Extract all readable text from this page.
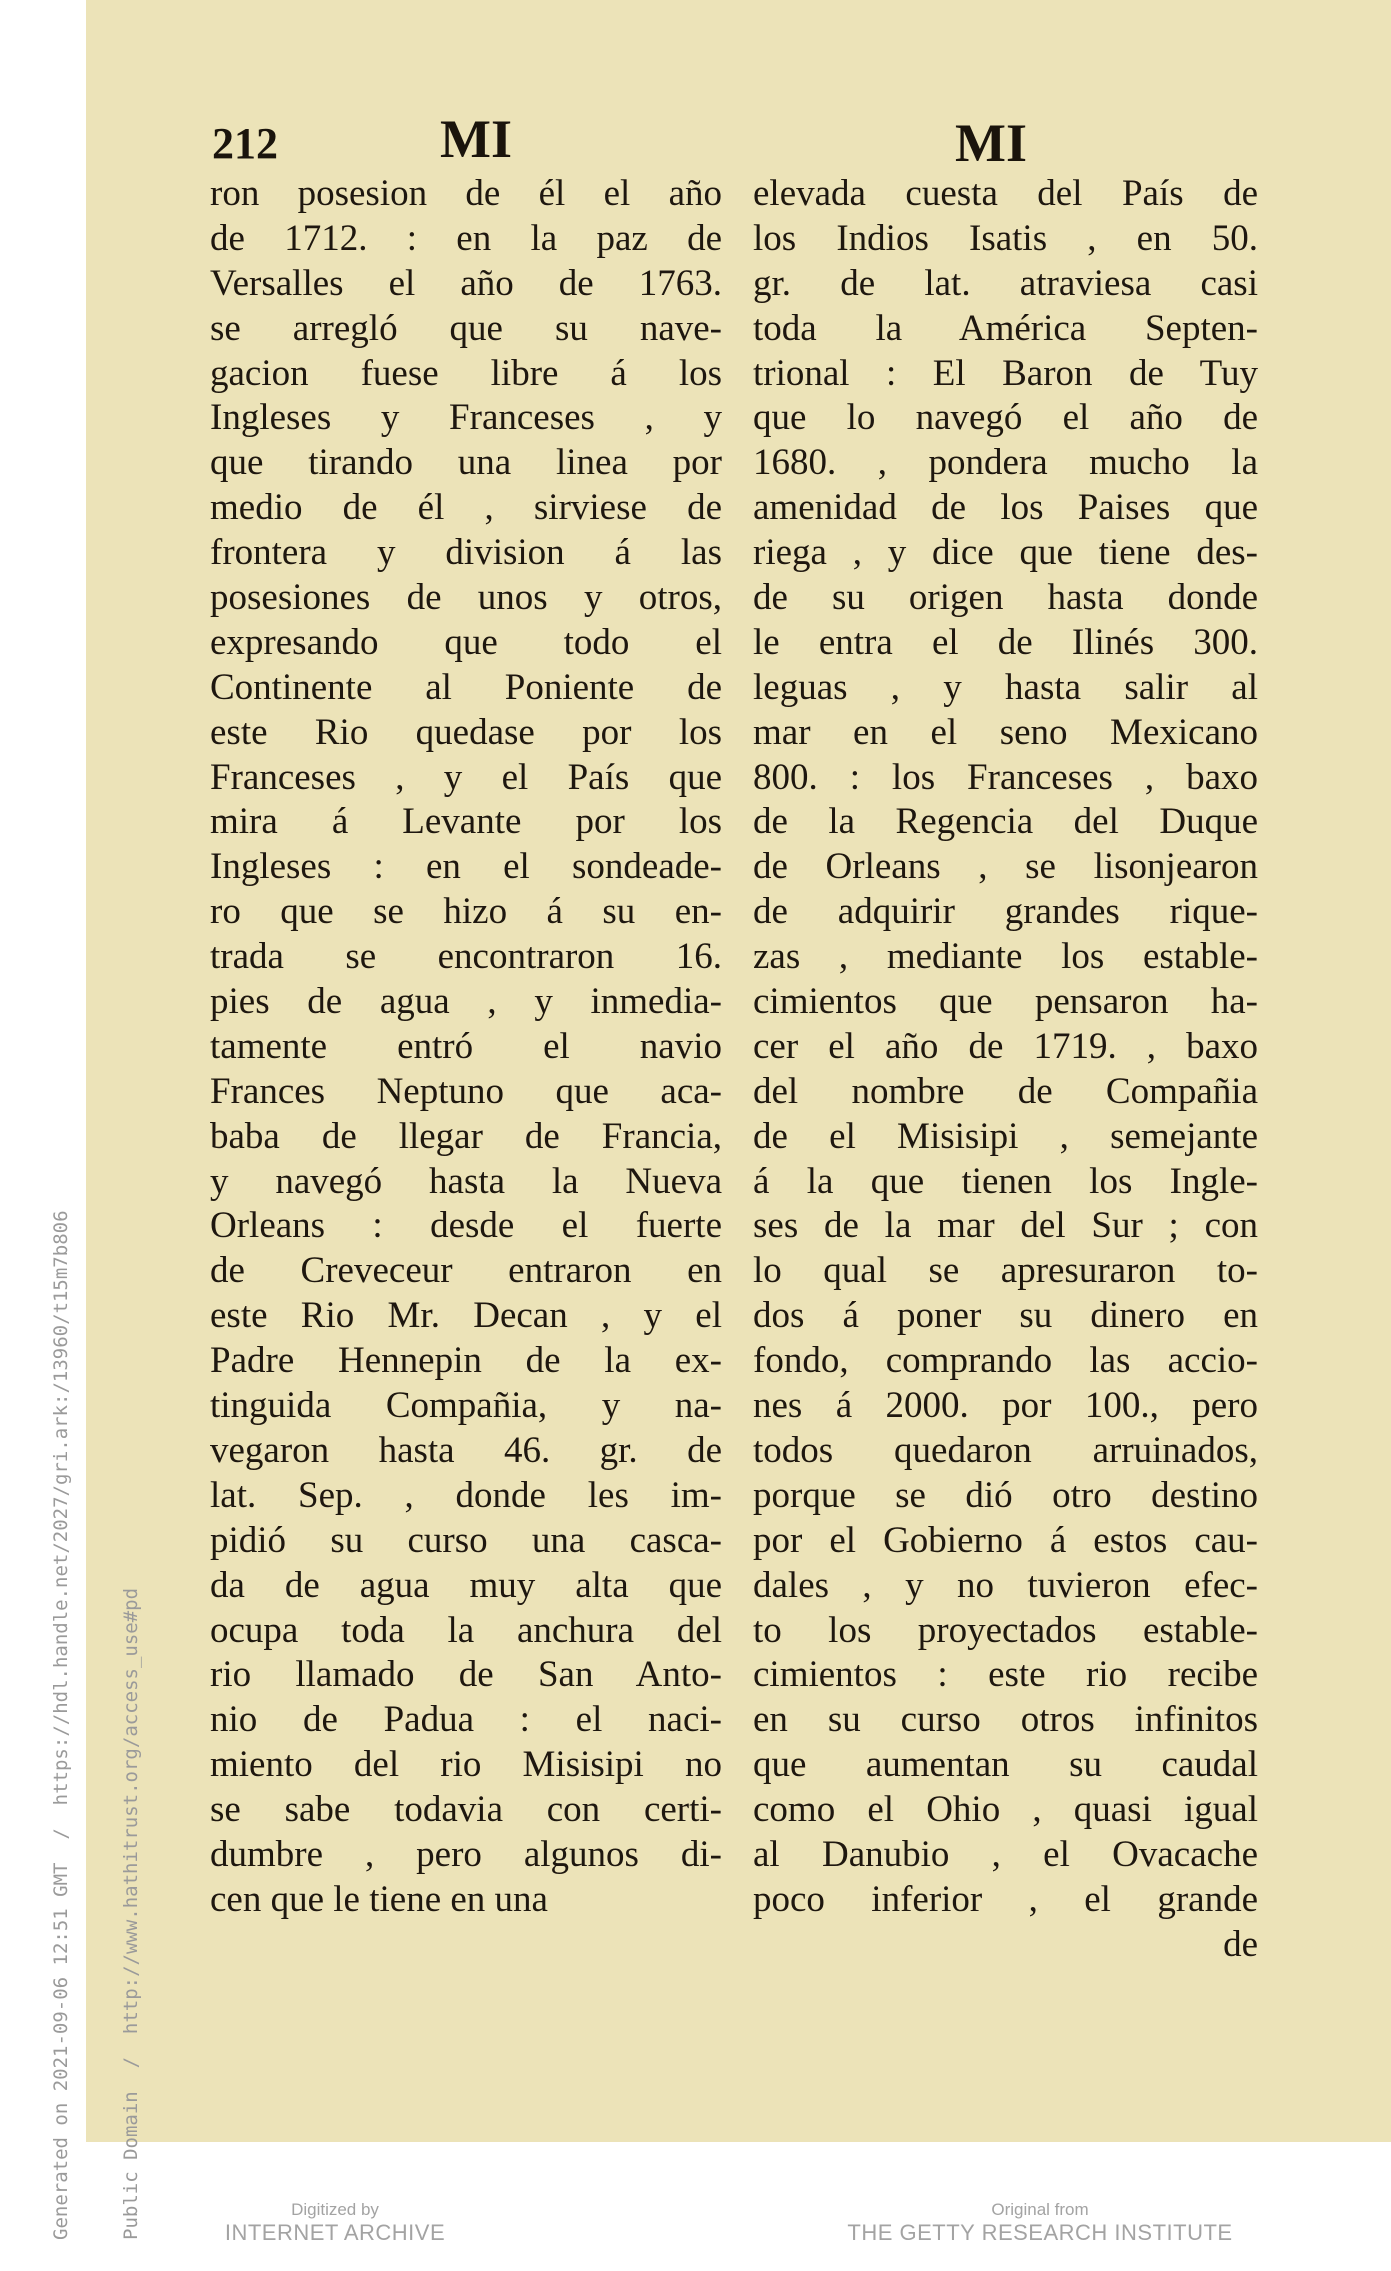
212	MI	MI
ron posesion de él el año
de 1712. : en la paz de
Versalles el año de 1763.
se arregló que su nave-
gacion fuese libre á los
Ingleses y Franceses , y
que tirando una linea por
medio de él , sirviese de
frontera y division á las
posesiones de unos y otros,
expresando que todo el
Continente al Poniente de
este Rio quedase por los
Franceses , y el País que
mira á Levante por los
Ingleses : en el sondeade-
ro que se hizo á su en-
trada se encontraron 16.
pies de agua , y inmedia-
tamente entró el navio
Frances Neptuno que aca-
baba de llegar de Francia,
y navegó hasta la Nueva
Orleans : desde el fuerte
de Creveceur entraron en
este Rio Mr. Decan , y el
Padre Hennepin de la ex-
tinguida Compañia, y na-
vegaron hasta 46. gr. de
lat. Sep. , donde les im-
pidió su curso una casca-
da de agua muy alta que
ocupa toda la anchura del
rio llamado de San Anto-
nio de Padua : el naci-
miento del rio Misisipi no
se sabe todavia con certi-
dumbre , pero algunos di-
cen que le tiene en una
elevada cuesta del País de
los Indios Isatis , en 50.
gr. de lat. atraviesa casi
toda la América Septen-
trional : El Baron de Tuy
que lo navegó el año de
1680. , pondera mucho la
amenidad de los Paises que
riega , y dice que tiene des-
de su origen hasta donde
le entra el de Ilinés 300.
leguas , y hasta salir al
mar en el seno Mexicano
800. : los Franceses , baxo
de la Regencia del Duque
de Orleans , se lisonjearon
de adquirir grandes rique-
zas , mediante los estable-
cimientos que pensaron ha-
cer el año de 1719. , baxo
del nombre de Compañia
de el Misisipi , semejante
á la que tienen los Ingle-
ses de la mar del Sur ; con
lo qual se apresuraron to-
dos á poner su dinero en
fondo, comprando las accio-
nes á 2000. por 100., pero
todos quedaron arruinados,
porque se dió otro destino
por el Gobierno á estos cau-
dales , y no tuvieron efec-
to los proyectados estable-
cimientos : este rio recibe
en su curso otros infinitos
que aumentan su caudal
como el Ohio , quasi igual
al Danubio , el Ovacache
poco inferior , el grande
de

Generated on 2021-09-06 12:51 GMT  /  https://hdl.handle.net/2027/gri.ark:/13960/t15m7b806

	Public Domain  /  http://www.hathitrust.org/access_use#pd	Digitized by
INTERNET ARCHIVE
Original from
THE GETTY RESEARCH INSTITUTE
